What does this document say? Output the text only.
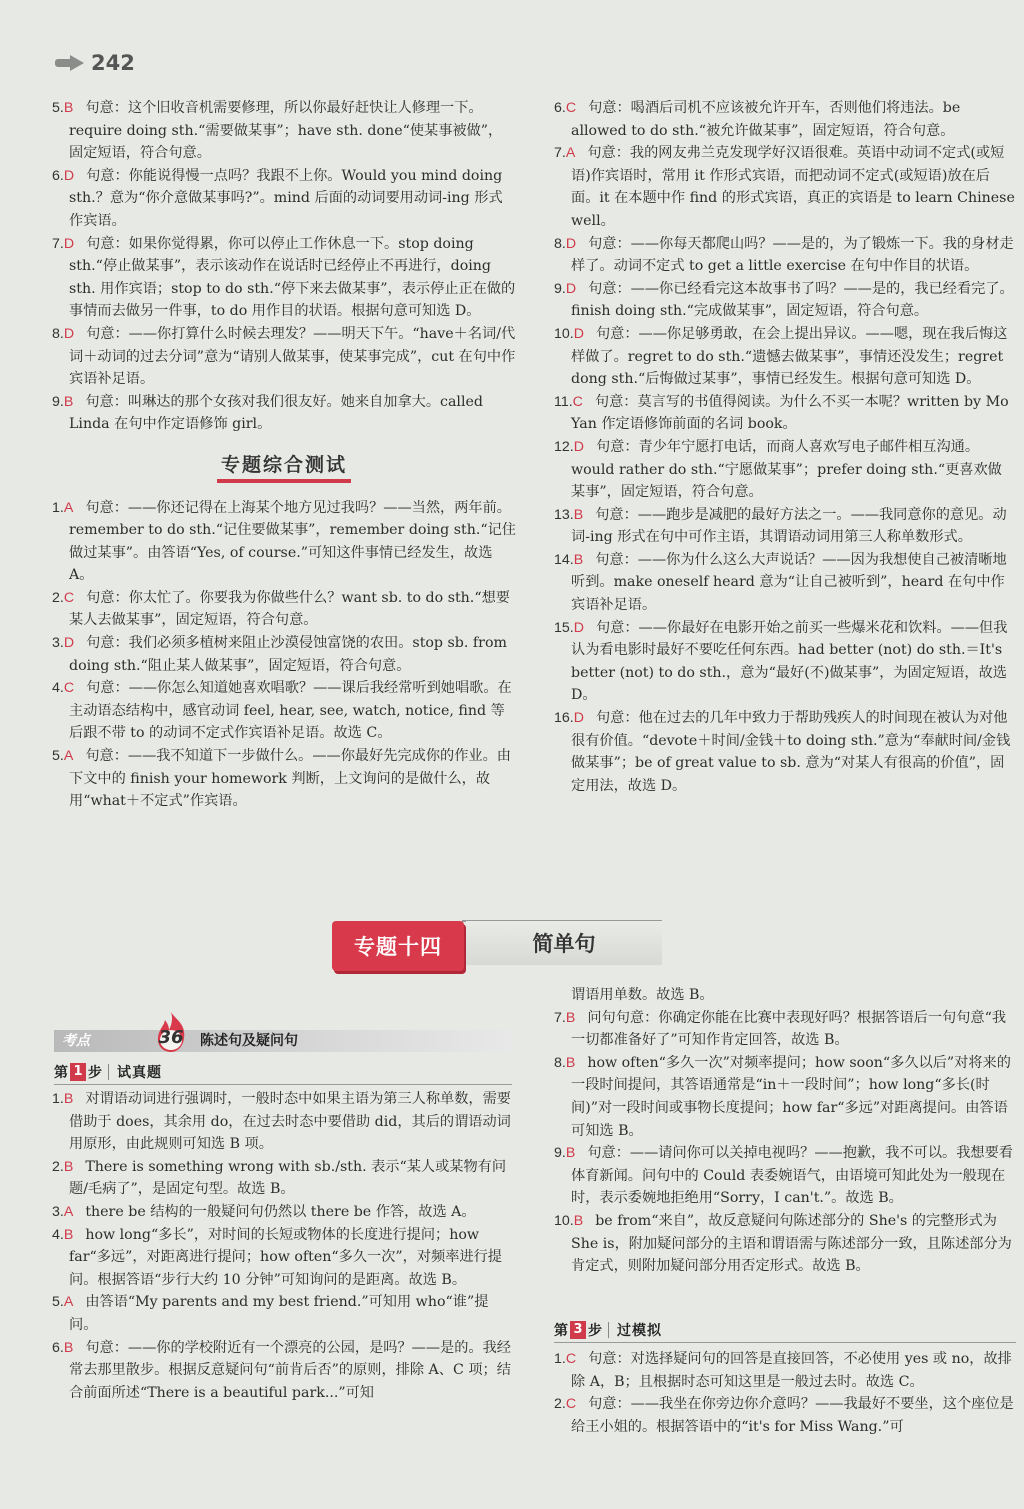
242

5.B 句意：这个旧收音机需要修理，所以你最好赶快让人修理一下。require doing sth.“需要做某事”；have sth. done“使某事被做”，固定短语，符合句意。

6.D 句意：你能说得慢一点吗？我跟不上你。Would you mind doing sth.？意为“你介意做某事吗?”。mind 后面的动词要用动词-ing 形式作宾语。

7.D 句意：如果你觉得累，你可以停止工作休息一下。stop doing sth.“停止做某事”，表示该动作在说话时已经停止不再进行，doing sth. 用作宾语；stop to do sth.“停下来去做某事”，表示停止正在做的事情而去做另一件事，to do 用作目的状语。根据句意可知选 D。

8.D 句意：——你打算什么时候去理发？——明天下午。“have＋名词/代词＋动词的过去分词”意为“请别人做某事，使某事完成”，cut 在句中作宾语补足语。

9.B 句意：叫琳达的那个女孩对我们很友好。她来自加拿大。called Linda 在句中作定语修饰 girl。

专题综合测试

1.A 句意：——你还记得在上海某个地方见过我吗？——当然，两年前。remember to do sth.“记住要做某事”，remember doing sth.“记住做过某事”。由答语“Yes, of course.”可知这件事情已经发生，故选 A。

2.C 句意：你太忙了。你要我为你做些什么？want sb. to do sth.“想要某人去做某事”，固定短语，符合句意。

3.D 句意：我们必须多植树来阻止沙漠侵蚀富饶的农田。stop sb. from doing sth.“阻止某人做某事”，固定短语，符合句意。

4.C 句意：——你怎么知道她喜欢唱歌？——课后我经常听到她唱歌。在主动语态结构中，感官动词 feel, hear, see, watch, notice, find 等后跟不带 to 的动词不定式作宾语补足语。故选 C。

5.A 句意：——我不知道下一步做什么。——你最好先完成你的作业。由下文中的 finish your homework 判断，上文询问的是做什么，故用“what＋不定式”作宾语。

6.C 句意：喝酒后司机不应该被允许开车，否则他们将违法。be allowed to do sth.“被允许做某事”，固定短语，符合句意。

7.A 句意：我的网友弗兰克发现学好汉语很难。英语中动词不定式(或短语)作宾语时，常用 it 作形式宾语，而把动词不定式(或短语)放在后面。it 在本题中作 find 的形式宾语，真正的宾语是 to learn Chinese well。

8.D 句意：——你每天都爬山吗？——是的，为了锻炼一下。我的身材走样了。动词不定式 to get a little exercise 在句中作目的状语。

9.D 句意：——你已经看完这本故事书了吗？——是的，我已经看完了。finish doing sth.“完成做某事”，固定短语，符合句意。

10.D 句意：——你足够勇敢，在会上提出异议。——嗯，现在我后悔这样做了。regret to do sth.“遗憾去做某事”，事情还没发生；regret dong sth.“后悔做过某事”，事情已经发生。根据句意可知选 D。

11.C 句意：莫言写的书值得阅读。为什么不买一本呢？written by Mo Yan 作定语修饰前面的名词 book。

12.D 句意：青少年宁愿打电话，而商人喜欢写电子邮件相互沟通。would rather do sth.“宁愿做某事”；prefer doing sth.“更喜欢做某事”，固定短语，符合句意。

13.B 句意：——跑步是减肥的最好方法之一。——我同意你的意见。动词-ing 形式在句中可作主语，其谓语动词用第三人称单数形式。

14.B 句意：——你为什么这么大声说话？——因为我想使自己被清晰地听到。make oneself heard 意为“让自己被听到”，heard 在句中作宾语补足语。

15.D 句意：——你最好在电影开始之前买一些爆米花和饮料。——但我认为看电影时最好不要吃任何东西。had better (not) do sth.＝It's better (not) to do sth.，意为“最好(不)做某事”，为固定短语，故选 D。

16.D 句意：他在过去的几年中致力于帮助残疾人的时间现在被认为对他很有价值。“devote＋时间/金钱＋to doing sth.”意为“奉献时间/金钱做某事”；be of great value to sb. 意为“对某人有很高的价值”，固定用法，故选 D。

专题十四	简单句
考点	36 陈述句及疑问句
第 1 步 试真题

1.B 对谓语动词进行强调时，一般时态中如果主语为第三人称单数，需要借助于 does，其余用 do，在过去时态中要借助 did，其后的谓语动词用原形，由此规则可知选 B 项。

2.B There is something wrong with sb./sth. 表示“某人或某物有问题/毛病了”，是固定句型。故选 B。

3.A there be 结构的一般疑问句仍然以 there be 作答，故选 A。

4.B how long“多长”，对时间的长短或物体的长度进行提问；how far“多远”，对距离进行提问；how often“多久一次”，对频率进行提问。根据答语“步行大约 10 分钟”可知询问的是距离。故选 B。

5.A 由答语“My parents and my best friend.”可知用 who“谁”提问。

6.B 句意：——你的学校附近有一个漂亮的公园，是吗？——是的。我经常去那里散步。根据反意疑问句“前肯后否”的原则，排除 A、C 项；结合前面所述“There is a beautiful park...”可知

谓语用单数。故选 B。

7.B 问句句意：你确定你能在比赛中表现好吗？根据答语后一句句意“我一切都准备好了”可知作肯定回答，故选 B。

8.B how often“多久一次”对频率提问；how soon“多久以后”对将来的一段时间提问，其答语通常是“in＋一段时间”；how long“多长(时间)”对一段时间或事物长度提问；how far“多远”对距离提问。由答语可知选 B。

9.B 句意：——请问你可以关掉电视吗？——抱歉，我不可以。我想要看体育新闻。问句中的 Could 表委婉语气，由语境可知此处为一般现在时，表示委婉地拒绝用“Sorry，I can't.”。故选 B。

10.B be from“来自”，故反意疑问句陈述部分的 She's 的完整形式为 She is，附加疑问部分的主语和谓语需与陈述部分一致，且陈述部分为肯定式，则附加疑问部分用否定形式。故选 B。

第 3 步 过模拟

1.C 句意：对选择疑问句的回答是直接回答，不必使用 yes 或 no，故排除 A，B；且根据时态可知这里是一般过去时。故选 C。

2.C 句意：——我坐在你旁边你介意吗？——我最好不要坐，这个座位是给王小姐的。根据答语中的“it's for Miss Wang.”可
